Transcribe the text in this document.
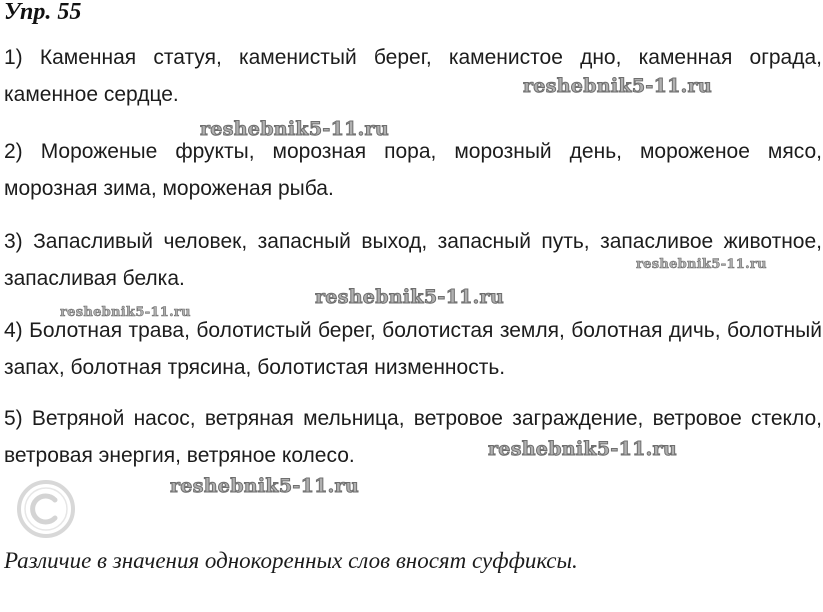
Упр. 55

1) Каменная статуя, каменистый берег, каменистое дно, каменная ограда, каменное сердце.

2) Мороженые фрукты, морозная пора, морозный день, мороженое мясо, морозная зима, мороженая рыба.

3) Запасливый человек, запасный выход, запасный путь, запасливое животное, запасливая белка.

4) Болотная трава, болотистый берег, болотистая земля, болотная дичь, болотный запах, болотная трясина, болотистая низменность.

5) Ветряной насос, ветряная мельница, ветровое заграждение, ветровое стекло, ветровая энергия, ветряное колесо.

Различие в значения однокоренных слов вносят суффиксы.

reshebnik5-11.ru
reshebnik5-11.ru
reshebnik5-11.ru
reshebnik5-11.ru
reshebnik5-11.ru
reshebnik5-11.ru
reshebnik5-11.ru
